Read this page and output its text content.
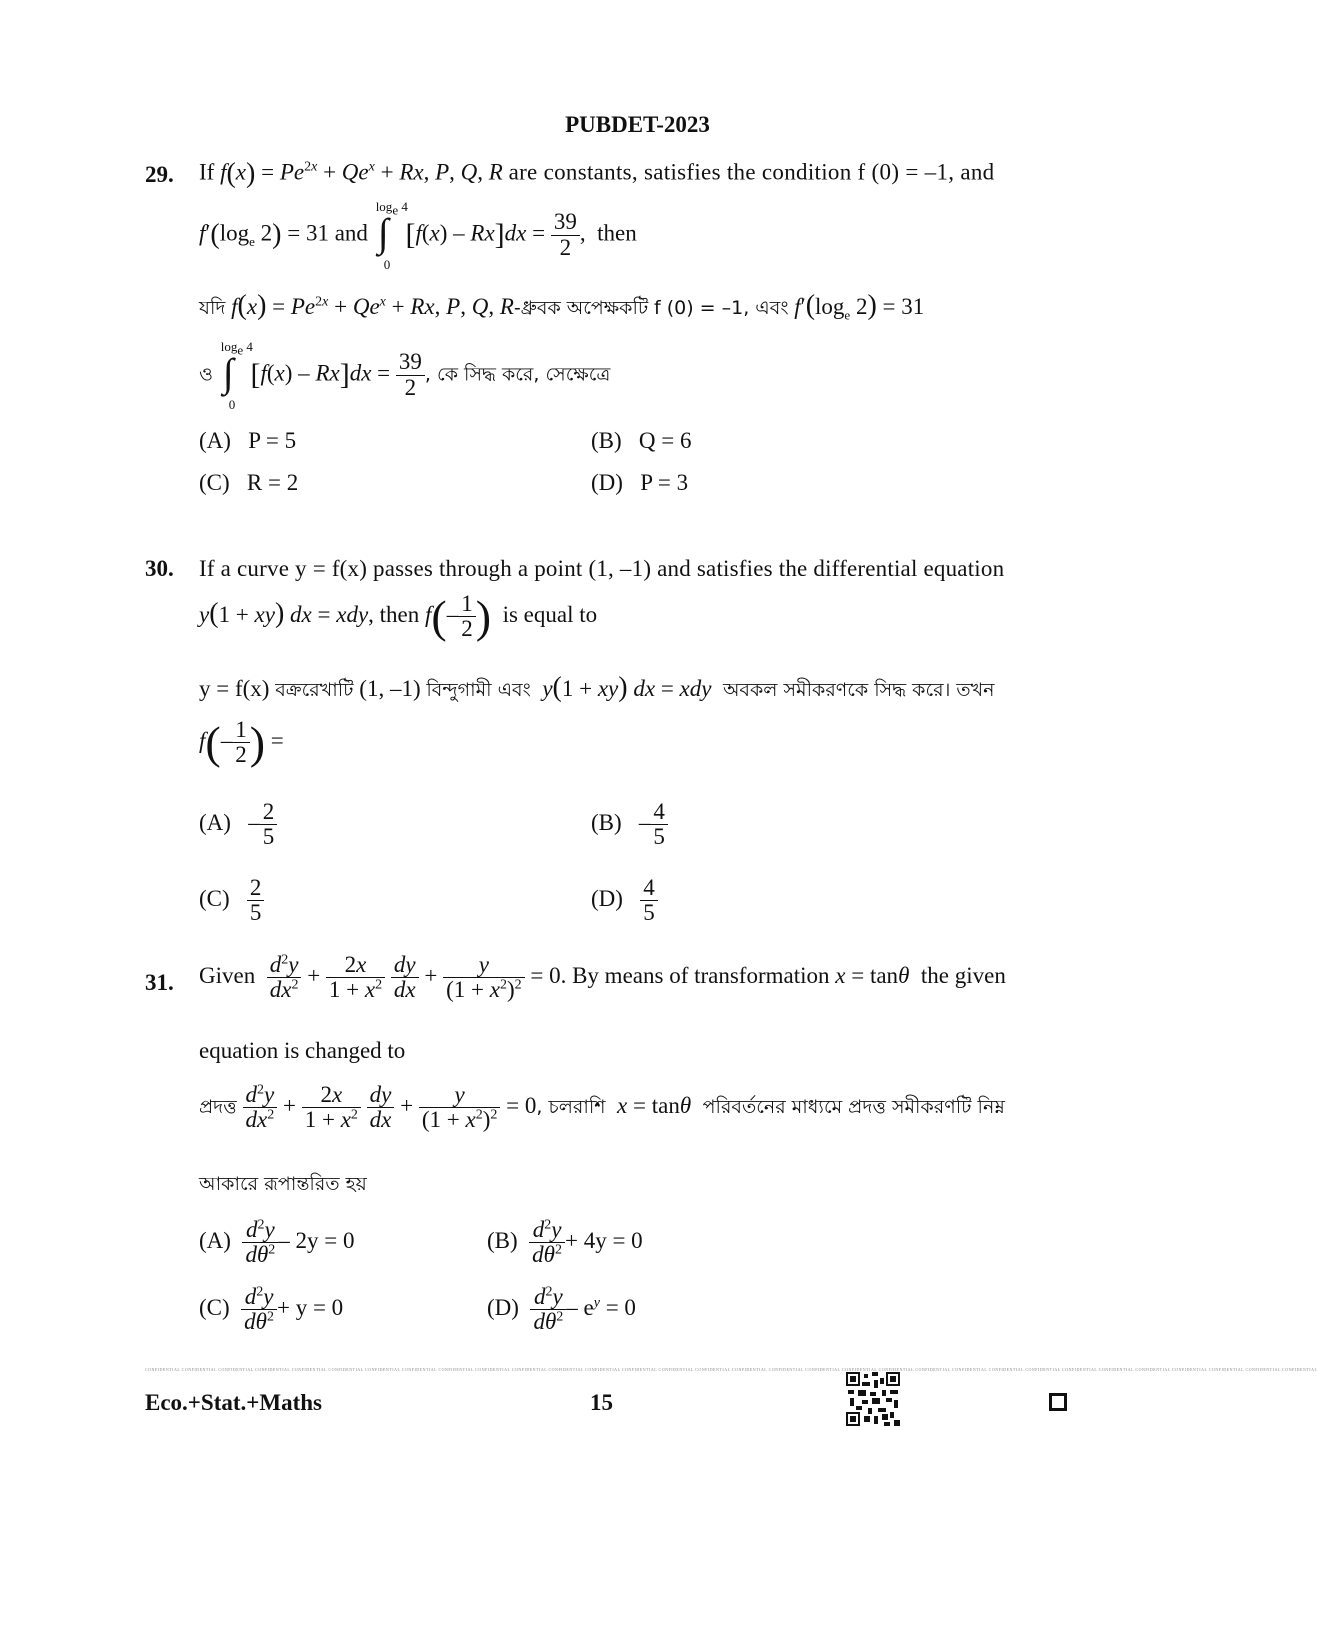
PUBDET-2023
29. If $f(x) = Pe^{2x} + Qe^x + Rx$, P, Q, R are constants, satisfies the condition f (0) = –1, and
$f'(\log_e$ 2) = 31 and
$\log_e 4$
∫
0
$[f(x) - Rx]dx = \frac{39}{2}$ ,  then
যদি $f(x) = Pe^{2x} + Qe^x + Rx$, P, Q, R-ধ্রুবক অপেক্ষকটি f (0) = –1, এবং $f'(\log_e$ 2) = 31
ও
$\log_e 4$
∫
0
$[f(x) - Rx]dx = \frac{39}{2}$ , কে সিদ্ধ করে, সেক্ষেত্রে
(A) P = 5	(B) Q = 6
(C) R = 2	(D) P = 3
30. If a curve y = f(x) passes through a point (1, –1) and satisfies the differential equation
y(1 + xy) dx = xdy, then $f(- \frac{1}{2}$ ) is equal to
y = f(x) বক্ররেখাটি (1, –1) বিন্দুগামী এবং y(1 + xy) dx = xdy অবকল সমীকরণকে সিদ্ধ করে। তখন
$f(- \frac{1}{2}$ ) =
$(A) - \frac{2}{5}$	$(B) - \frac{4}{5}$
$(C) \frac{2}{5}$	$(D) \frac{4}{5}$
31. Given $\frac{d^2y}{dx^2} + \frac{2x}{1 + x^2}$
$\frac{dy}{dx} + \frac{y}{(1 + x^2)^2} = 0$. By means of transformation x = tanθ the given
equation is changed to
প্রদত্ত $\frac{d^2y}{dx^2} + \frac{2x}{1 + x^2}$
$\frac{dy}{dx} + \frac{y}{(1 + x^2)^2} = 0$, চলরাশি x = tanθ পরিবর্তনের মাধ্যমে প্রদত্ত সমীকরণটি নিম্ন
আকারে রূপান্তরিত হয়
$(A) \frac{d^2y}{d\theta^2} - 2y = 0$	$(B) \frac{d^2y}{d\theta^2} + 4y = 0$
$(C) \frac{d^2y}{d\theta^2} + y = 0$	$(D) \frac{d^2y}{d\theta^2} - e^y = 0$
CONFIDENTIAL CONFIDENTIAL CONFIDENTIAL CONFIDENTIAL CONFIDENTIAL CONFIDENTIAL CONFIDENTIAL CONFIDENTIAL CONFIDENTIAL CONFIDENTIAL CONFIDENTIAL CONFIDENTIAL CONFIDENTIAL CONFIDENTIAL CONFIDENTIAL CONFIDENTIAL CONFIDENTIAL CONFIDENTIAL CONFIDENTIAL CONFIDENTIAL CONFIDENTIAL CONFIDENTIAL CONFIDENTIAL CONFIDENTIAL CONFIDENTIAL CONFIDENTIAL CONFIDENTIAL CONFIDENTIAL CONFIDENTIAL CONFIDENTIAL CONFIDENTIAL CONFIDENTIAL
Eco.+Stat.+Maths	15
